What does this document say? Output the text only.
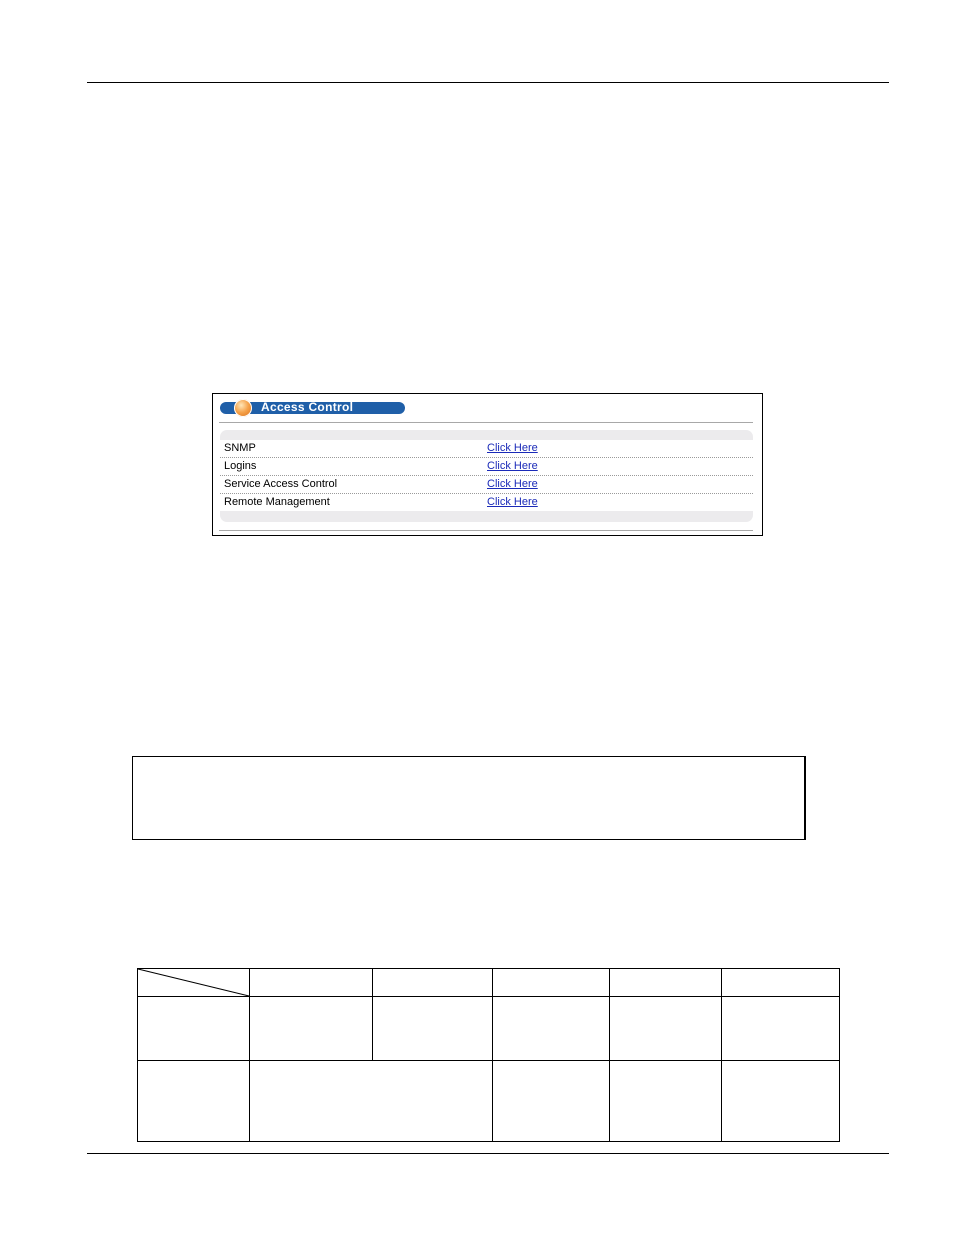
Access Control
SNMP	Click Here
Logins	Click Here
Service Access Control	Click Here
Remote Management	Click Here
